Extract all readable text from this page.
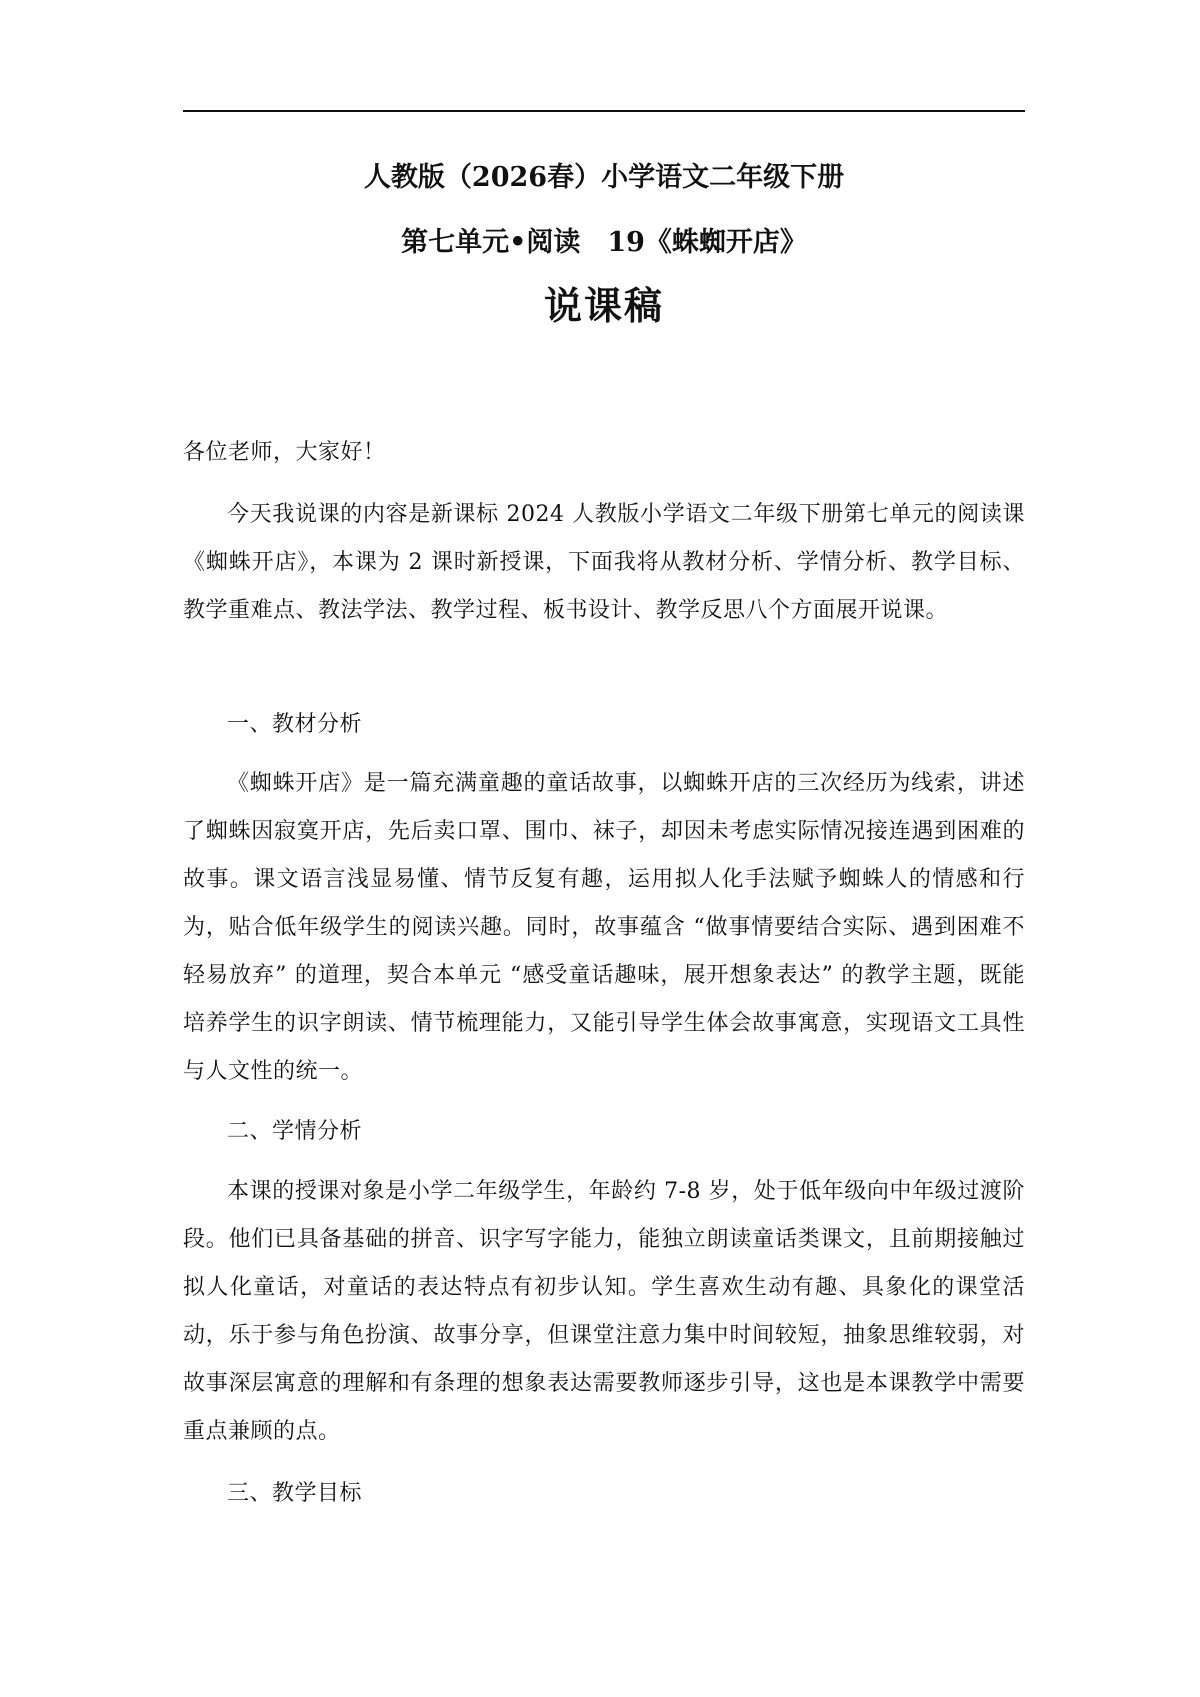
人教版（2026春）小学语文二年级下册
第七单元•阅读　19《蛛蜘开店》
说课稿
各位老师，大家好！
今天我说课的内容是新课标 2024 人教版小学语文二年级下册第七单元的阅读课《蜘蛛开店》，本课为 2 课时新授课，下面我将从教材分析、学情分析、教学目标、教学重难点、教法学法、教学过程、板书设计、教学反思八个方面展开说课。
一、教材分析
《蜘蛛开店》是一篇充满童趣的童话故事，以蜘蛛开店的三次经历为线索，讲述了蜘蛛因寂寞开店，先后卖口罩、围巾、袜子，却因未考虑实际情况接连遇到困难的故事。课文语言浅显易懂、情节反复有趣，运用拟人化手法赋予蜘蛛人的情感和行为，贴合低年级学生的阅读兴趣。同时，故事蕴含 “做事情要结合实际、遇到困难不轻易放弃” 的道理，契合本单元 “感受童话趣味，展开想象表达” 的教学主题，既能培养学生的识字朗读、情节梳理能力，又能引导学生体会故事寓意，实现语文工具性与人文性的统一。
二、学情分析
本课的授课对象是小学二年级学生，年龄约 7-8 岁，处于低年级向中年级过渡阶段。他们已具备基础的拼音、识字写字能力，能独立朗读童话类课文，且前期接触过拟人化童话，对童话的表达特点有初步认知。学生喜欢生动有趣、具象化的课堂活动，乐于参与角色扮演、故事分享，但课堂注意力集中时间较短，抽象思维较弱，对故事深层寓意的理解和有条理的想象表达需要教师逐步引导，这也是本课教学中需要重点兼顾的点。
三、教学目标
